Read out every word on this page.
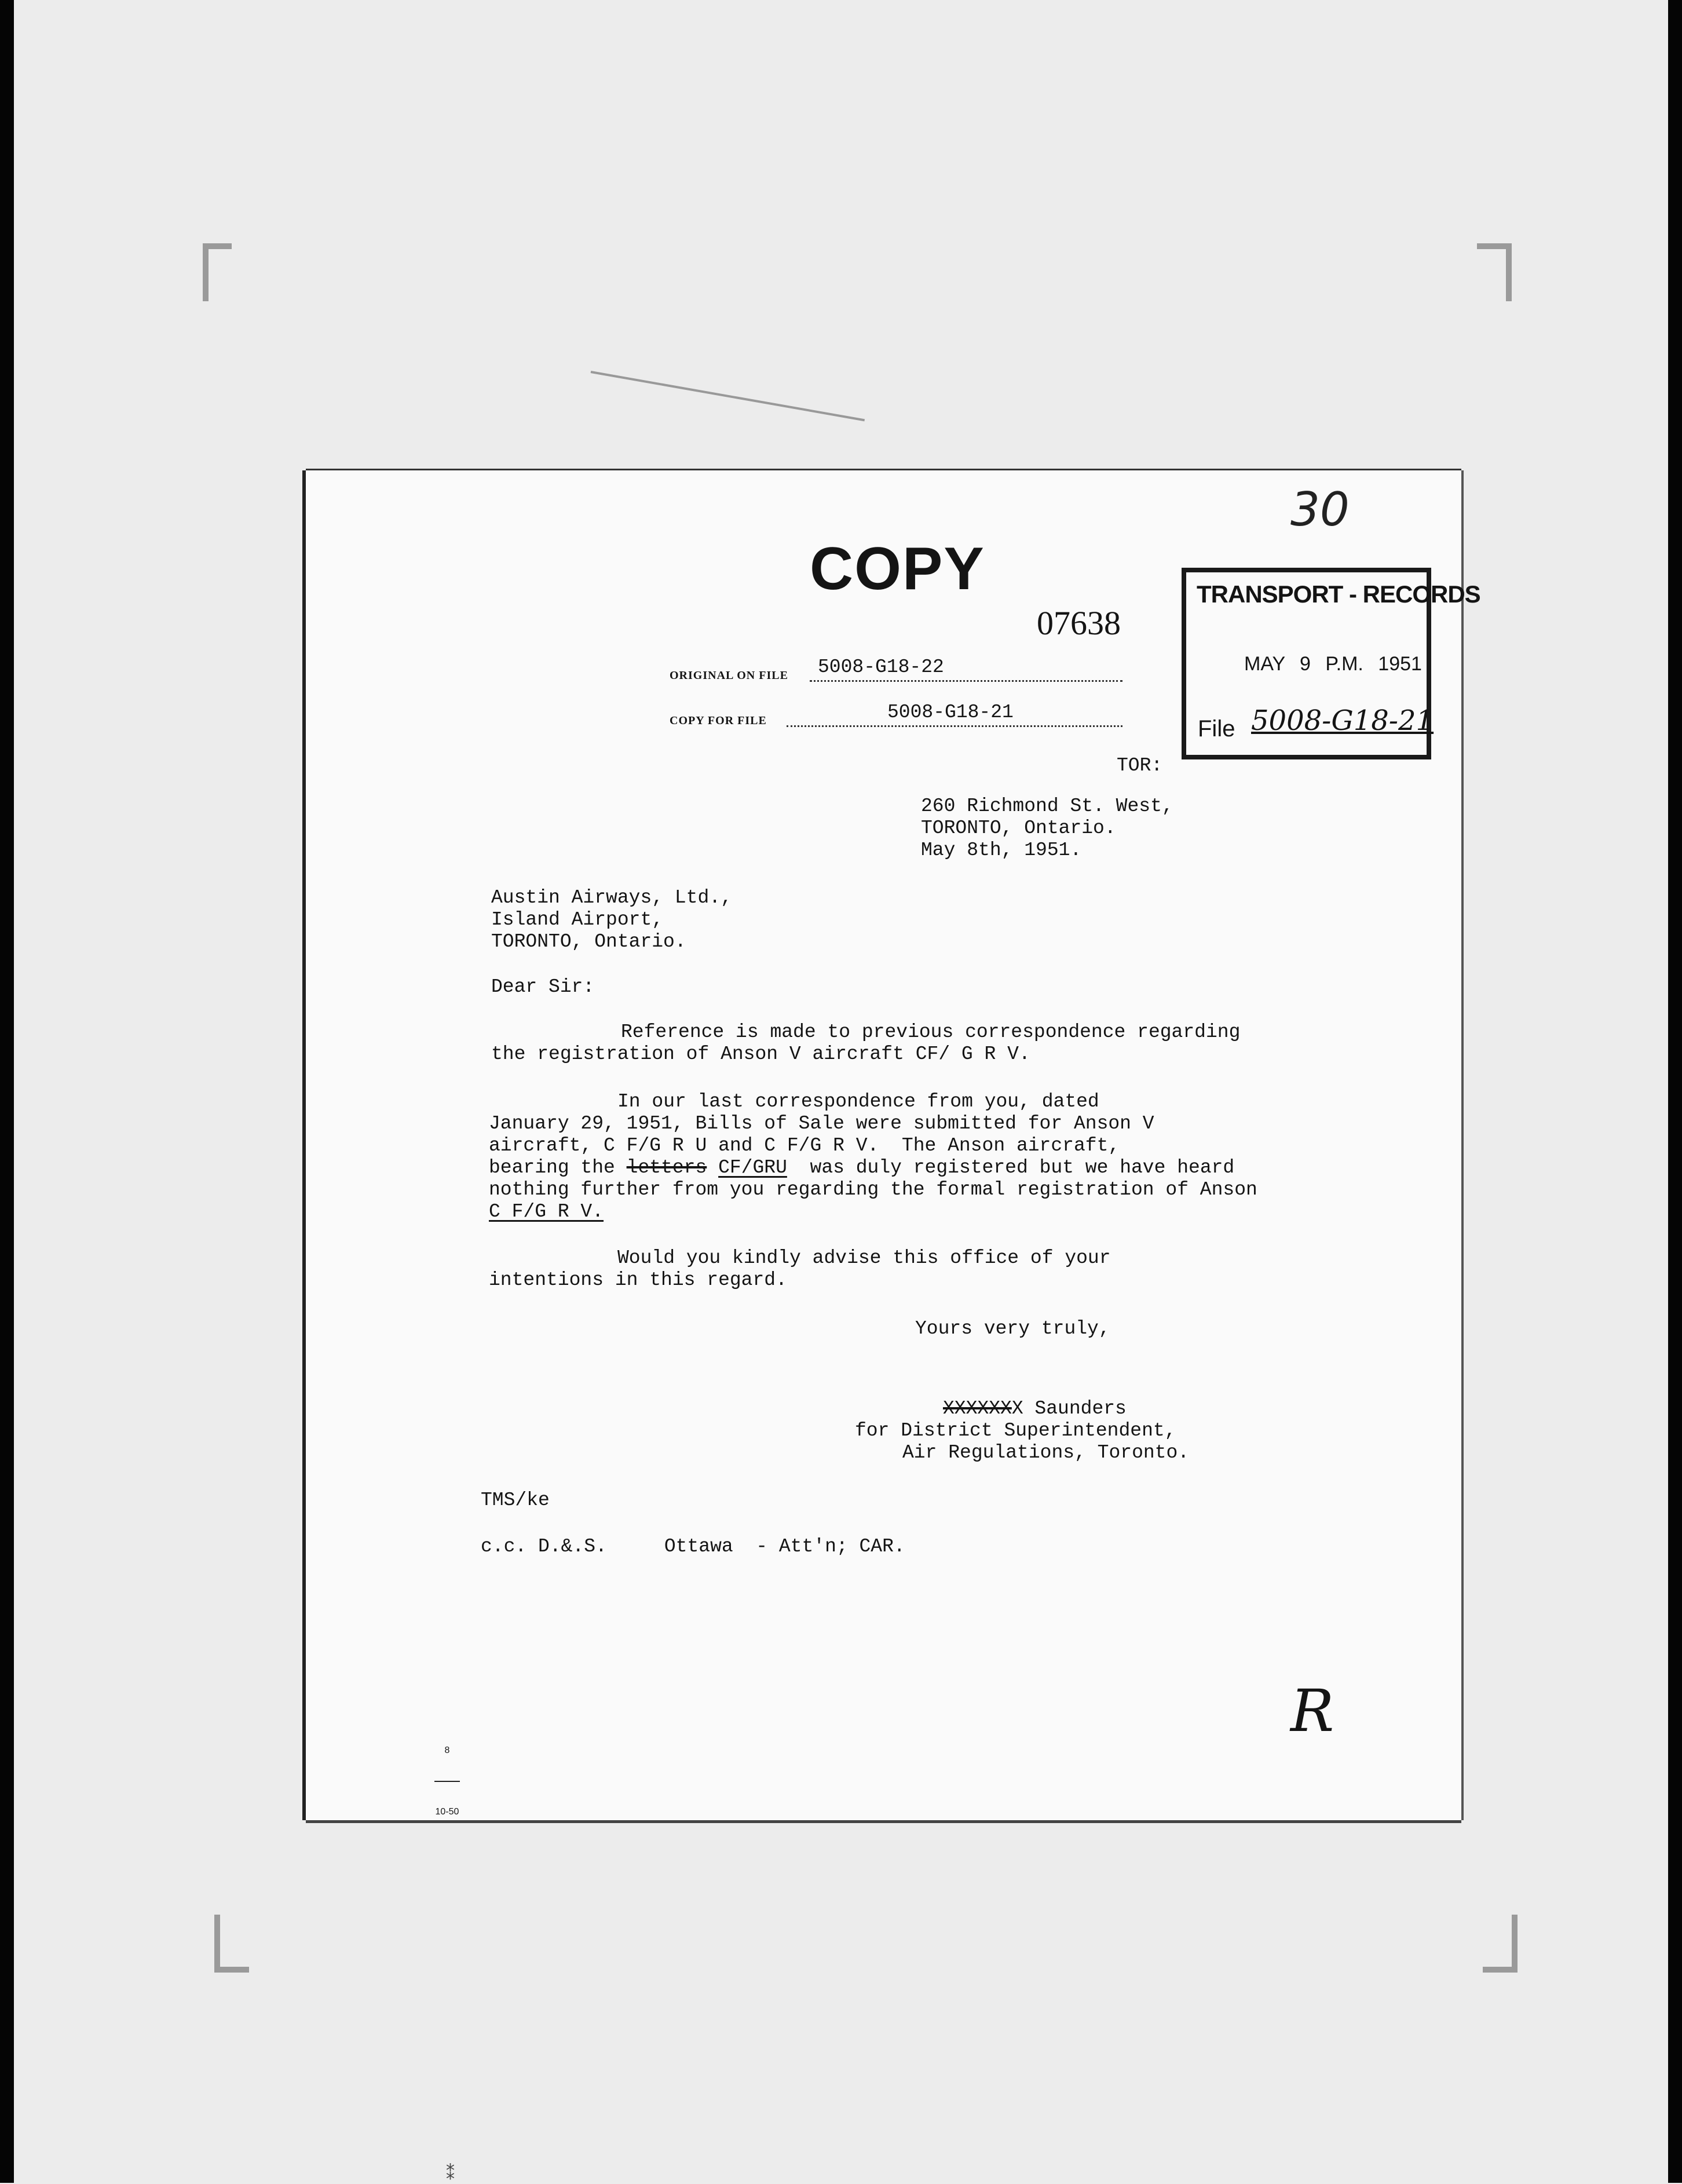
30
COPY
07638
ORIGINAL ON FILE 5008-G18-22
COPY FOR FILE	5008-G18-21
TRANSPORT - RECORDS
MAY 9 P.M. 1951
File 5008-G18-21
TOR:
260 Richmond St. West,
TORONTO, Ontario.
May 8th, 1951.
Austin Airways, Ltd.,
Island Airport,
TORONTO, Ontario.
Dear Sir:
Reference is made to previous correspondence regarding
the registration of Anson V aircraft CF/ G R V.
In our last correspondence from you, dated
January 29, 1951, Bills of Sale were submitted for Anson V
aircraft, C F/G R U and C F/G R V.  The Anson aircraft,
bearing the letters CF/GRU  was duly registered but we have heard
nothing further from you regarding the formal registration of Anson
C F/G R V.
Would you kindly advise this office of your
intentions in this regard.
Yours very truly,
XXXXXXX Saunders
for District Superintendent,
Air Regulations, Toronto.
TMS/ke
c.c. D.&.S.     Ottawa  - Att'n; CAR.

8

10-50

R
⁑
